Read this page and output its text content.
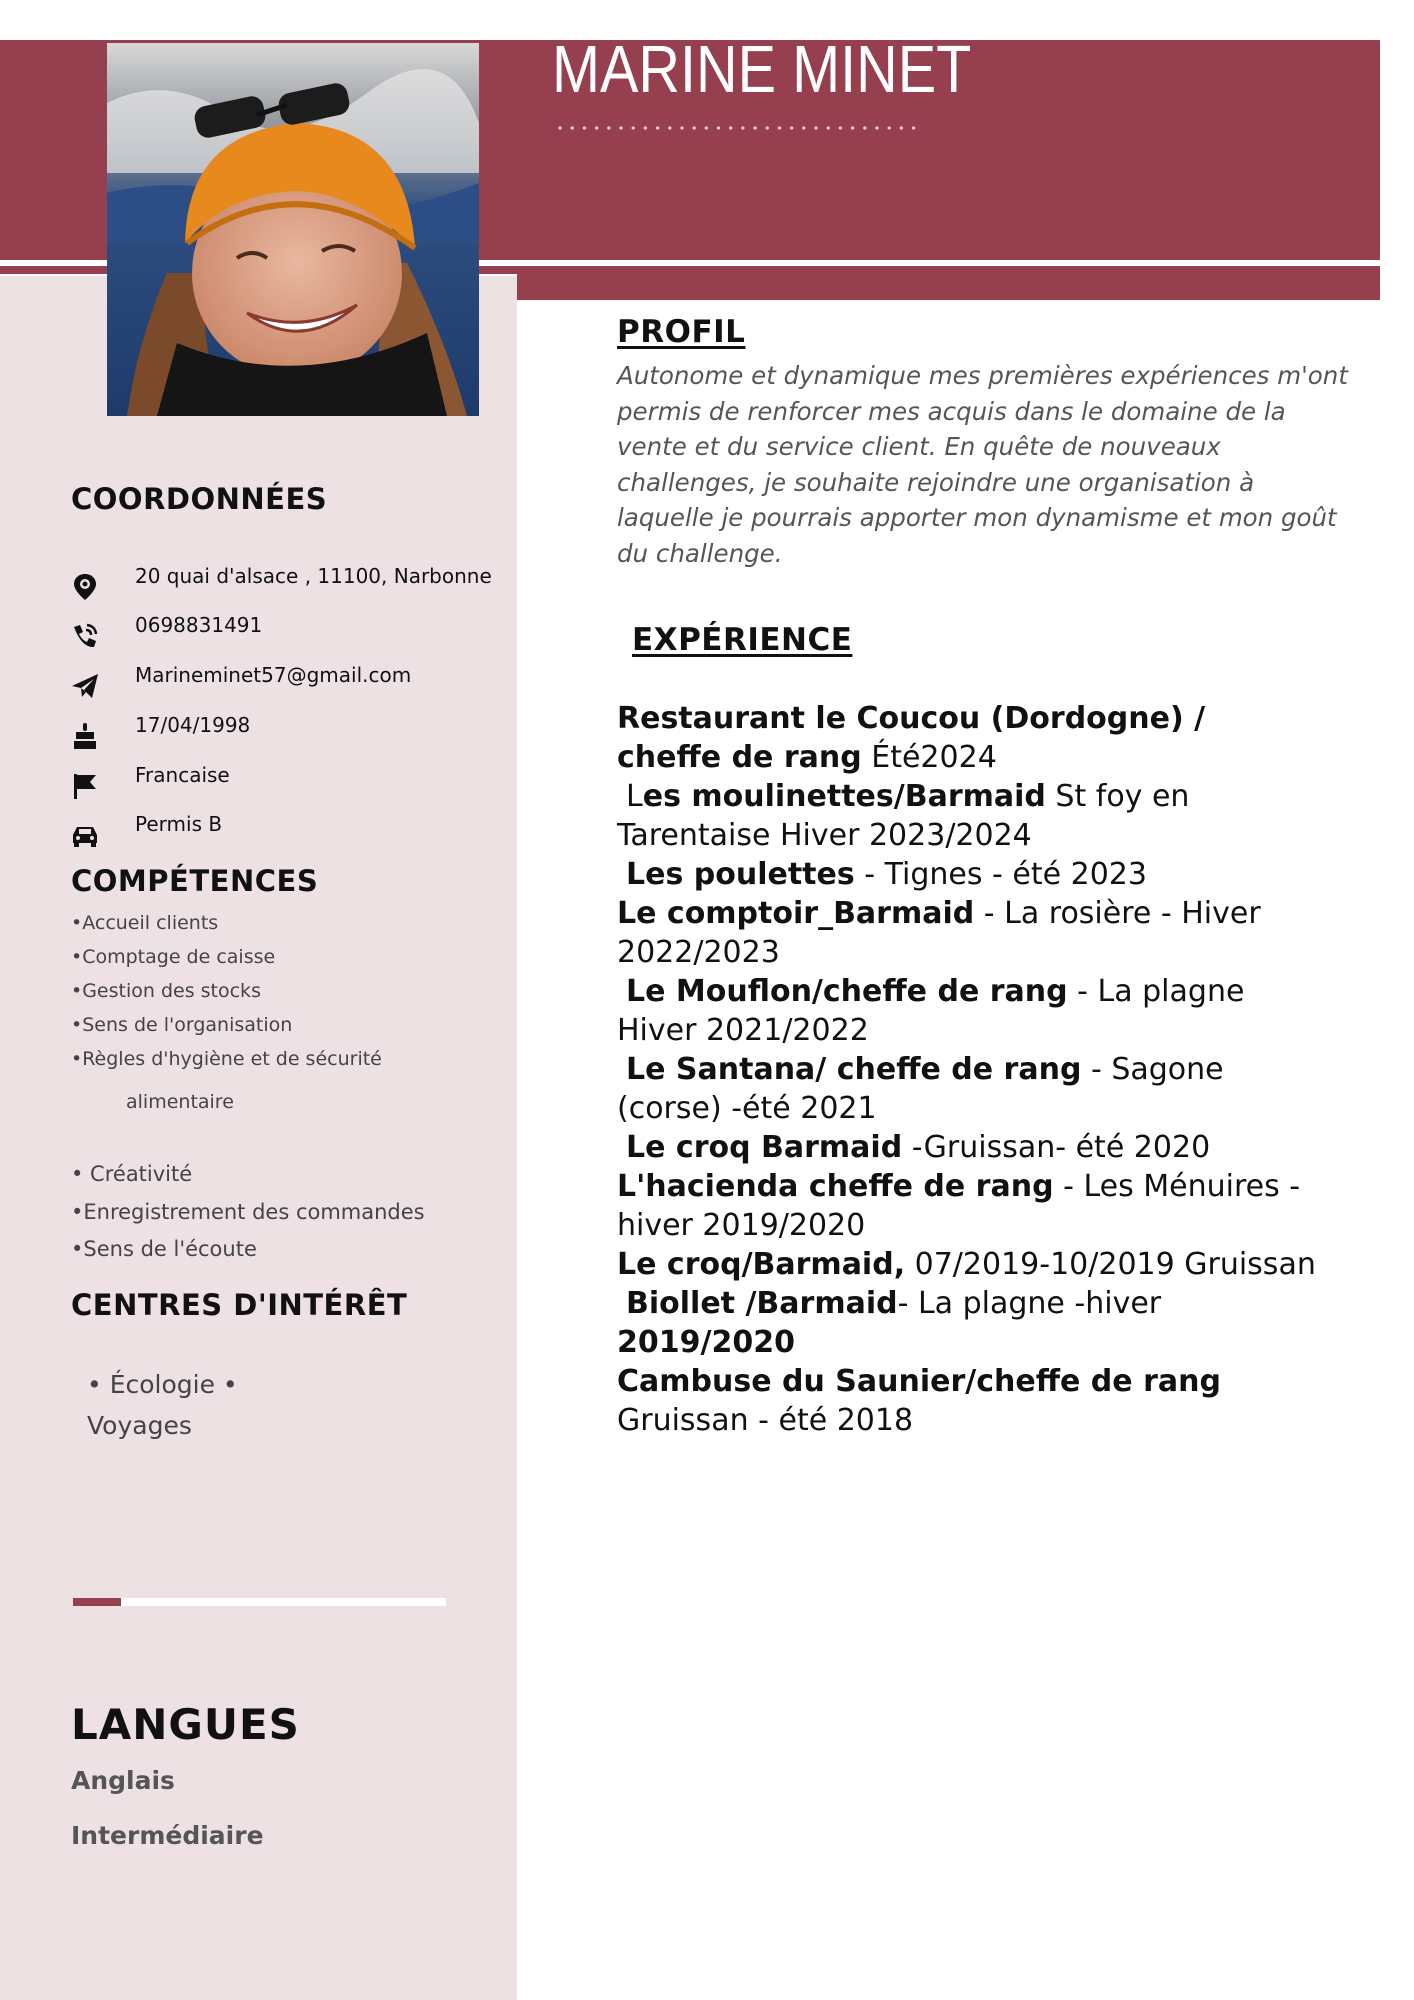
MARINE MINET
COORDONNÉES
20 quai d'alsace , 11100, Narbonne
0698831491
Marineminet57@gmail.com
17/04/1998
Francaise
Permis B
COMPÉTENCES
•Accueil clients
•Comptage de caisse
•Gestion des stocks
•Sens de l'organisation
•Règles d'hygiène et de sécurité
alimentaire
• Créativité
•Enregistrement des commandes
•Sens de l'écoute
CENTRES D'INTÉRÊT
• Écologie •
Voyages
LANGUES
Anglais
Intermédiaire
PROFIL

Autonome et dynamique mes premières expériences m'ont permis de renforcer mes acquis dans le domaine de la vente et du service client. En quête de nouveaux challenges, je souhaite rejoindre une organisation à laquelle je pourrais apporter mon dynamisme et mon goût du challenge.

EXPÉRIENCE
Restaurant le Coucou (Dordogne) / cheffe de rang Été2024
Les moulinettes/Barmaid St foy en Tarentaise Hiver 2023/2024
Les poulettes - Tignes - été 2023
Le comptoir_Barmaid - La rosière - Hiver 2022/2023
Le Mouflon/cheffe de rang - La plagne Hiver 2021/2022
Le Santana/ cheffe de rang - Sagone (corse) -été 2021
Le croq Barmaid -Gruissan- été 2020
L'hacienda cheffe de rang - Les Ménuires - hiver 2019/2020
Le croq/Barmaid, 07/2019-10/2019 Gruissan
Biollet /Barmaid- La plagne -hiver
2019/2020
Cambuse du Saunier/cheffe de rang Gruissan - été 2018
